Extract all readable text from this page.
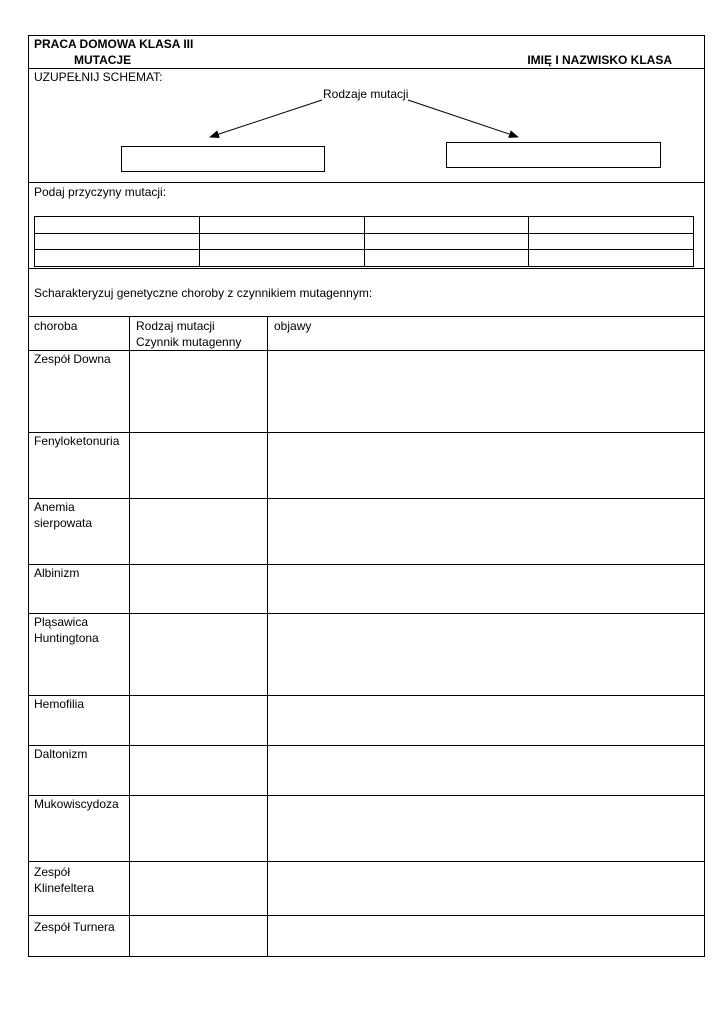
PRACA DOMOWA KLASA III
MUTACJE	IMIĘ I NAZWISKO KLASA
UZUPEŁNIJ SCHEMAT:
Rodzaje mutacji
Podaj przyczyny mutacji:
Scharakteryzuj genetyczne choroby z czynnikiem mutagennym:
choroba	Rodzaj mutacji
Czynnik mutagenny
objawy
Zespół Downa
Fenyloketonuria
Anemia
sierpowata
Albinizm
Pląsawica
Huntingtona
Hemofilia
Daltonizm
Mukowiscydoza
Zespół
Klinefeltera
Zespół Turnera
